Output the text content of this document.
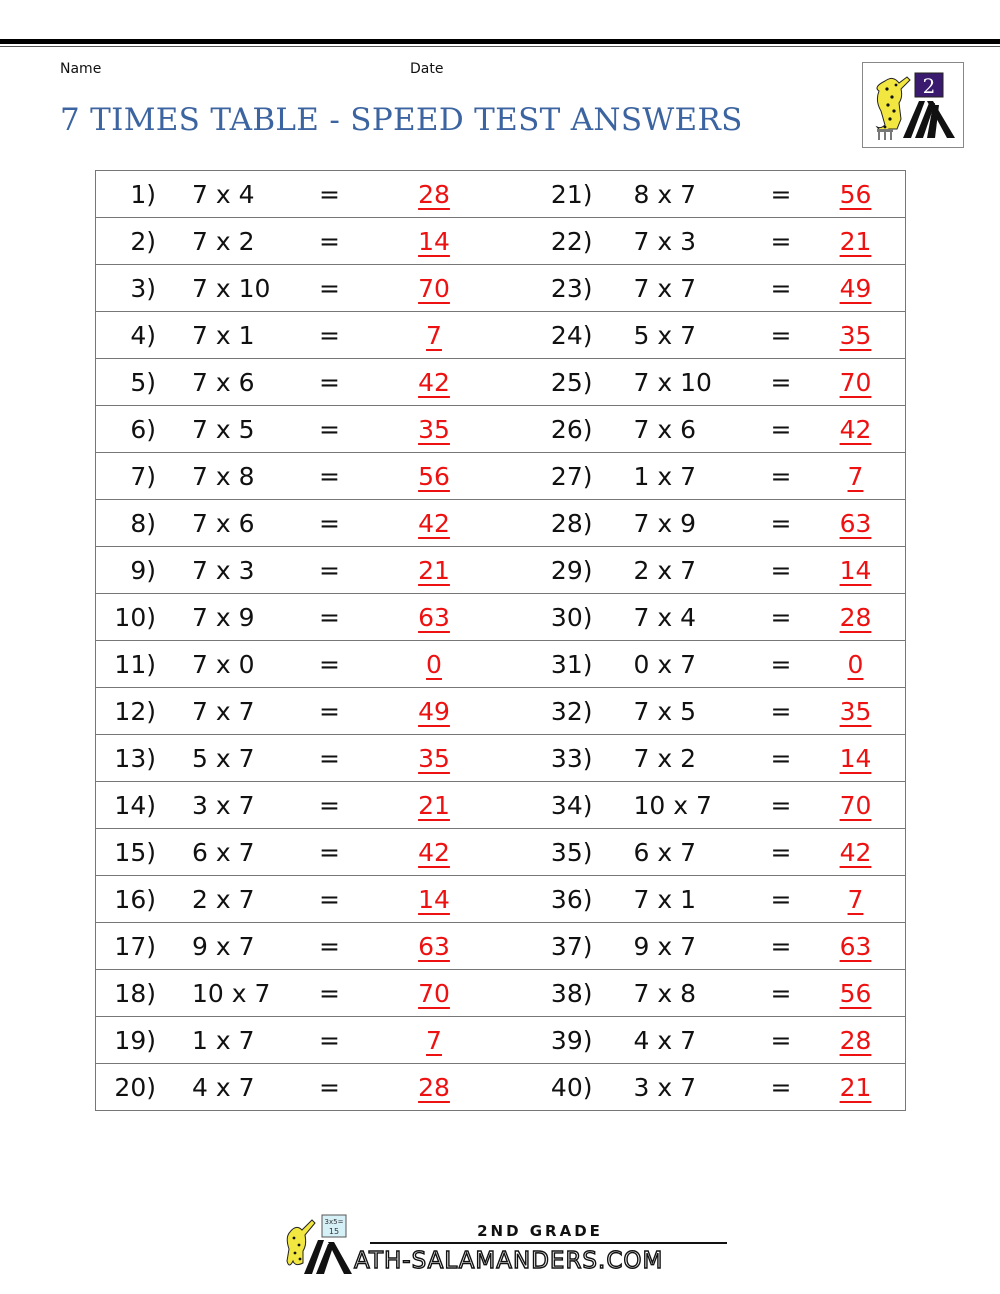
Name	Date
7 TIMES TABLE - SPEED TEST ANSWERS
2
1) 7 x 4	=	28	21) 8 x 7	= 56
2) 7 x 2	=	14	22) 7 x 3	= 21
3) 7 x 10 =	70	23) 7 x 7	= 49
4) 7 x 1	=	7	24) 5 x 7	= 35
5) 7 x 6	=	42	25) 7 x 10 = 70
6) 7 x 5	=	35	26) 7 x 6	= 42
7) 7 x 8	=	56	27) 1 x 7	= 7
8) 7 x 6	=	42	28) 7 x 9	= 63
9) 7 x 3	=	21	29) 2 x 7	= 14
10) 7 x 9	=	63	30) 7 x 4	= 28
11) 7 x 0	=	0	31) 0 x 7	= 0
12) 7 x 7	=	49	32) 7 x 5	= 35
13) 5 x 7	=	35	33) 7 x 2	= 14
14) 3 x 7	=	21	34) 10 x 7 = 70
15) 6 x 7	=	42	35) 6 x 7	= 42
16) 2 x 7	=	14	36) 7 x 1	= 7
17) 9 x 7	=	63	37) 9 x 7	= 63
18) 10 x 7 =	70	38) 7 x 8	= 56
19) 1 x 7	=	7	39) 4 x 7	= 28
20) 4 x 7	=	28	40) 3 x 7	= 21
3x5=
15	2ND GRADE
ATH-SALAMANDERS.COM
